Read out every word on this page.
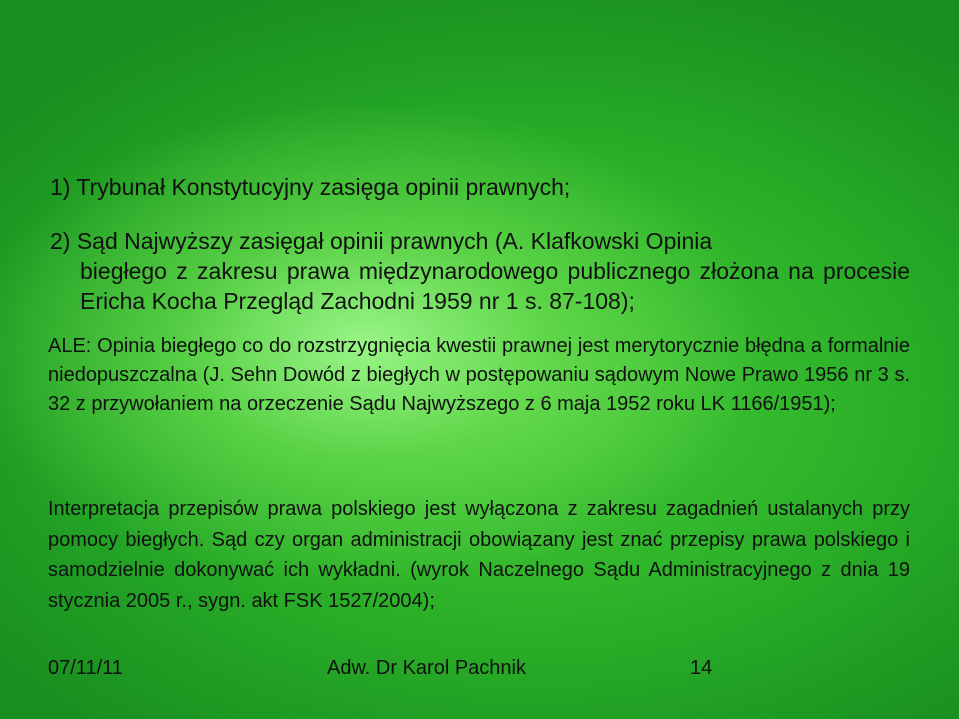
1) Trybunał Konstytucyjny zasięga opinii prawnych;

2) Sąd Najwyższy zasięgał opinii prawnych (A. Klafkowski Opinia
biegłego z zakresu prawa międzynarodowego publicznego złożona na procesie Ericha Kocha Przegląd Zachodni 1959 nr 1 s. 87-108);

ALE: Opinia biegłego co do rozstrzygnięcia kwestii prawnej jest merytorycznie błędna a formalnie niedopuszczalna (J. Sehn Dowód z biegłych w postępowaniu sądowym Nowe Prawo 1956 nr 3 s. 32 z przywołaniem na orzeczenie Sądu Najwyższego z 6 maja 1952 roku LK 1166/1951);

Interpretacja przepisów prawa polskiego jest wyłączona z zakresu zagadnień ustalanych przy pomocy biegłych. Sąd czy organ administracji obowiązany jest znać przepisy prawa polskiego i samodzielnie dokonywać ich wykładni. (wyrok Naczelnego Sądu Administracyjnego z dnia 19 stycznia 2005 r., sygn. akt FSK 1527/2004);

07/11/11	Adw. Dr Karol Pachnik	14
